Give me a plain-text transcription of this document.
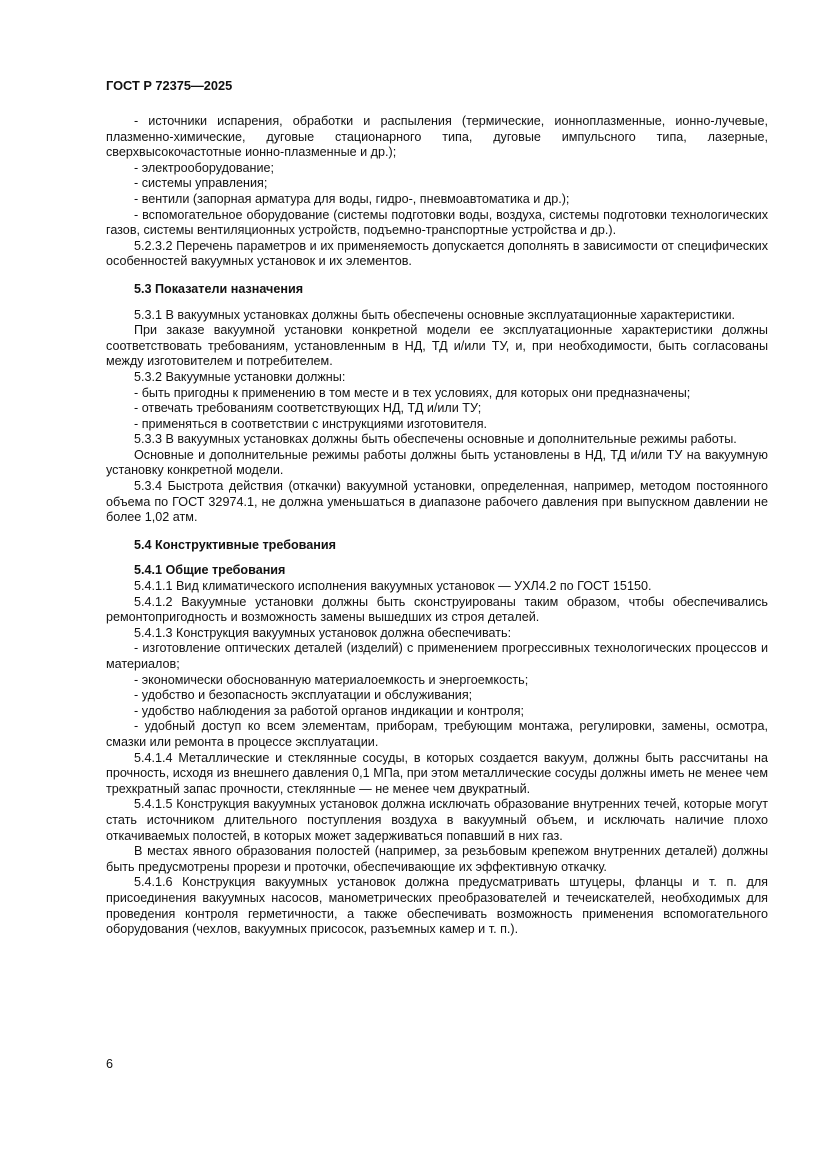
ГОСТ Р 72375—2025

- источники испарения, обработки и распыления (термические, ионноплазменные, ионно-лучевые, плазменно-химические, дуговые стационарного типа, дуговые импульсного типа, лазерные, сверхвысокочастотные ионно-плазменные и др.);

- электрооборудование;

- системы управления;

- вентили (запорная арматура для воды, гидро-, пневмоавтоматика и др.);

- вспомогательное оборудование (системы подготовки воды, воздуха, системы подготовки технологических газов, системы вентиляционных устройств, подъемно-транспортные устройства и др.).

5.2.3.2 Перечень параметров и их применяемость допускается дополнять в зависимости от специфических особенностей вакуумных установок и их элементов.

5.3 Показатели назначения

5.3.1 В вакуумных установках должны быть обеспечены основные эксплуатационные характеристики.

При заказе вакуумной установки конкретной модели ее эксплуатационные характеристики должны соответствовать требованиям, установленным в НД, ТД и/или ТУ, и, при необходимости, быть согласованы между изготовителем и потребителем.

5.3.2 Вакуумные установки должны:

- быть пригодны к применению в том месте и в тех условиях, для которых они предназначены;

- отвечать требованиям соответствующих НД, ТД и/или ТУ;

- применяться в соответствии с инструкциями изготовителя.

5.3.3 В вакуумных установках должны быть обеспечены основные и дополнительные режимы работы.

Основные и дополнительные режимы работы должны быть установлены в НД, ТД и/или ТУ на вакуумную установку конкретной модели.

5.3.4 Быстрота действия (откачки) вакуумной установки, определенная, например, методом постоянного объема по ГОСТ 32974.1, не должна уменьшаться в диапазоне рабочего давления при выпускном давлении не более 1,02 атм.

5.4 Конструктивные требования

5.4.1 Общие требования

5.4.1.1 Вид климатического исполнения вакуумных установок — УХЛ4.2 по ГОСТ 15150.

5.4.1.2 Вакуумные установки должны быть сконструированы таким образом, чтобы обеспечивались ремонтопригодность и возможность замены вышедших из строя деталей.

5.4.1.3 Конструкция вакуумных установок должна обеспечивать:

- изготовление оптических деталей (изделий) с применением прогрессивных технологических процессов и материалов;

- экономически обоснованную материалоемкость и энергоемкость;

- удобство и безопасность эксплуатации и обслуживания;

- удобство наблюдения за работой органов индикации и контроля;

- удобный доступ ко всем элементам, приборам, требующим монтажа, регулировки, замены, осмотра, смазки или ремонта в процессе эксплуатации.

5.4.1.4 Металлические и стеклянные сосуды, в которых создается вакуум, должны быть рассчитаны на прочность, исходя из внешнего давления 0,1 МПа, при этом металлические сосуды должны иметь не менее чем трехкратный запас прочности, стеклянные — не менее чем двукратный.

5.4.1.5 Конструкция вакуумных установок должна исключать образование внутренних течей, которые могут стать источником длительного поступления воздуха в вакуумный объем, и исключать наличие плохо откачиваемых полостей, в которых может задерживаться попавший в них газ.

В местах явного образования полостей (например, за резьбовым крепежом внутренних деталей) должны быть предусмотрены прорези и проточки, обеспечивающие их эффективную откачку.

5.4.1.6 Конструкция вакуумных установок должна предусматривать штуцеры, фланцы и т. п. для присоединения вакуумных насосов, манометрических преобразователей и течеискателей, необходимых для проведения контроля герметичности, а также обеспечивать возможность применения вспомогательного оборудования (чехлов, вакуумных присосок, разъемных камер и т. п.).

6
